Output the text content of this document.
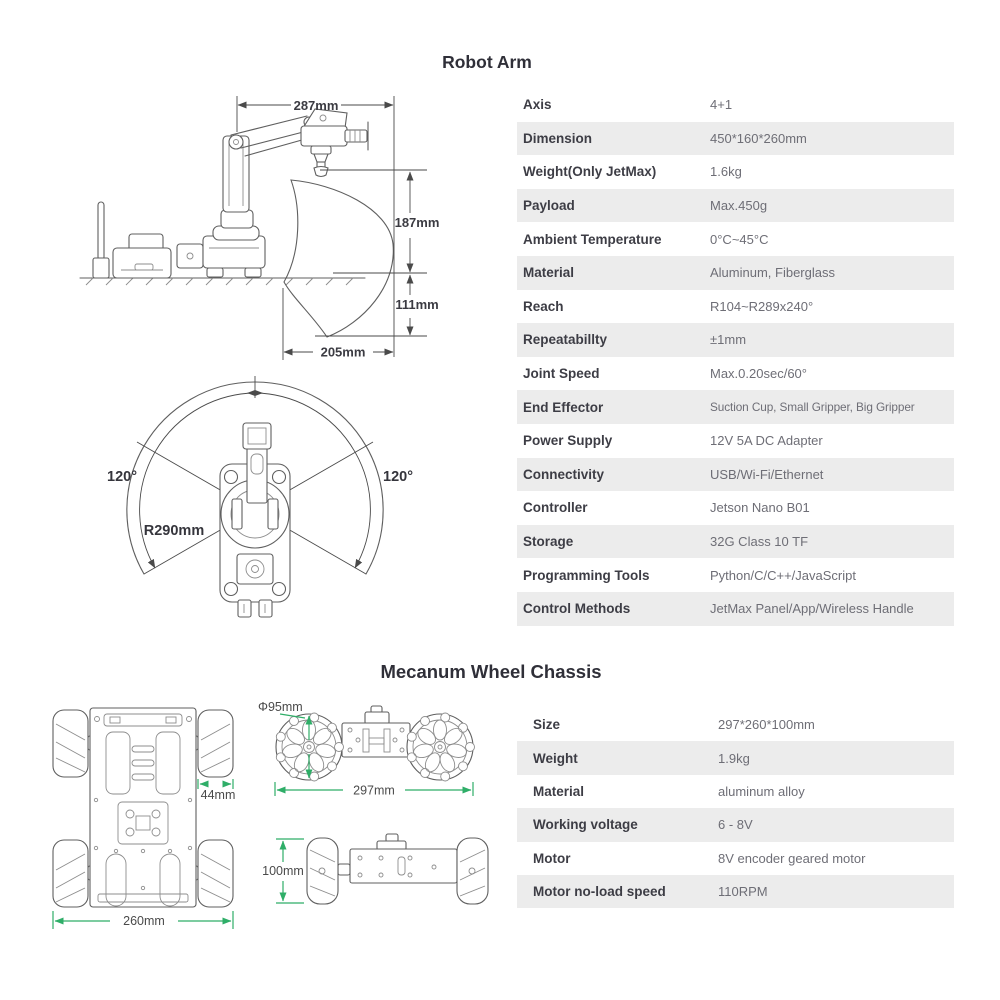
Robot Arm
287mm
187mm
111mm
205mm
120°	120°
R290mm
Axis	4+1
Dimension	450*160*260mm
Weight(Only JetMax)	1.6kg
Payload	Max.450g
Ambient Temperature	0°C~45°C
Material	Aluminum, Fiberglass
Reach	R104~R289x240°
Repeatabillty	±1mm
Joint Speed	Max.0.20sec/60°
End Effector	Suction Cup, Small Gripper, Big Gripper
Power Supply	12V 5A DC Adapter
Connectivity	USB/Wi-Fi/Ethernet
Controller	Jetson Nano B01
Storage	32G Class 10 TF
Programming Tools	Python/C/C++/JavaScript
Control Methods	JetMax Panel/App/Wireless Handle
Mecanum Wheel Chassis
44mm
260mm
Φ95mm
297mm
100mm
Size	297*260*100mm
Weight	1.9kg
Material	aluminum alloy
Working voltage	6 - 8V
Motor	8V encoder geared motor
Motor no-load speed	110RPM
